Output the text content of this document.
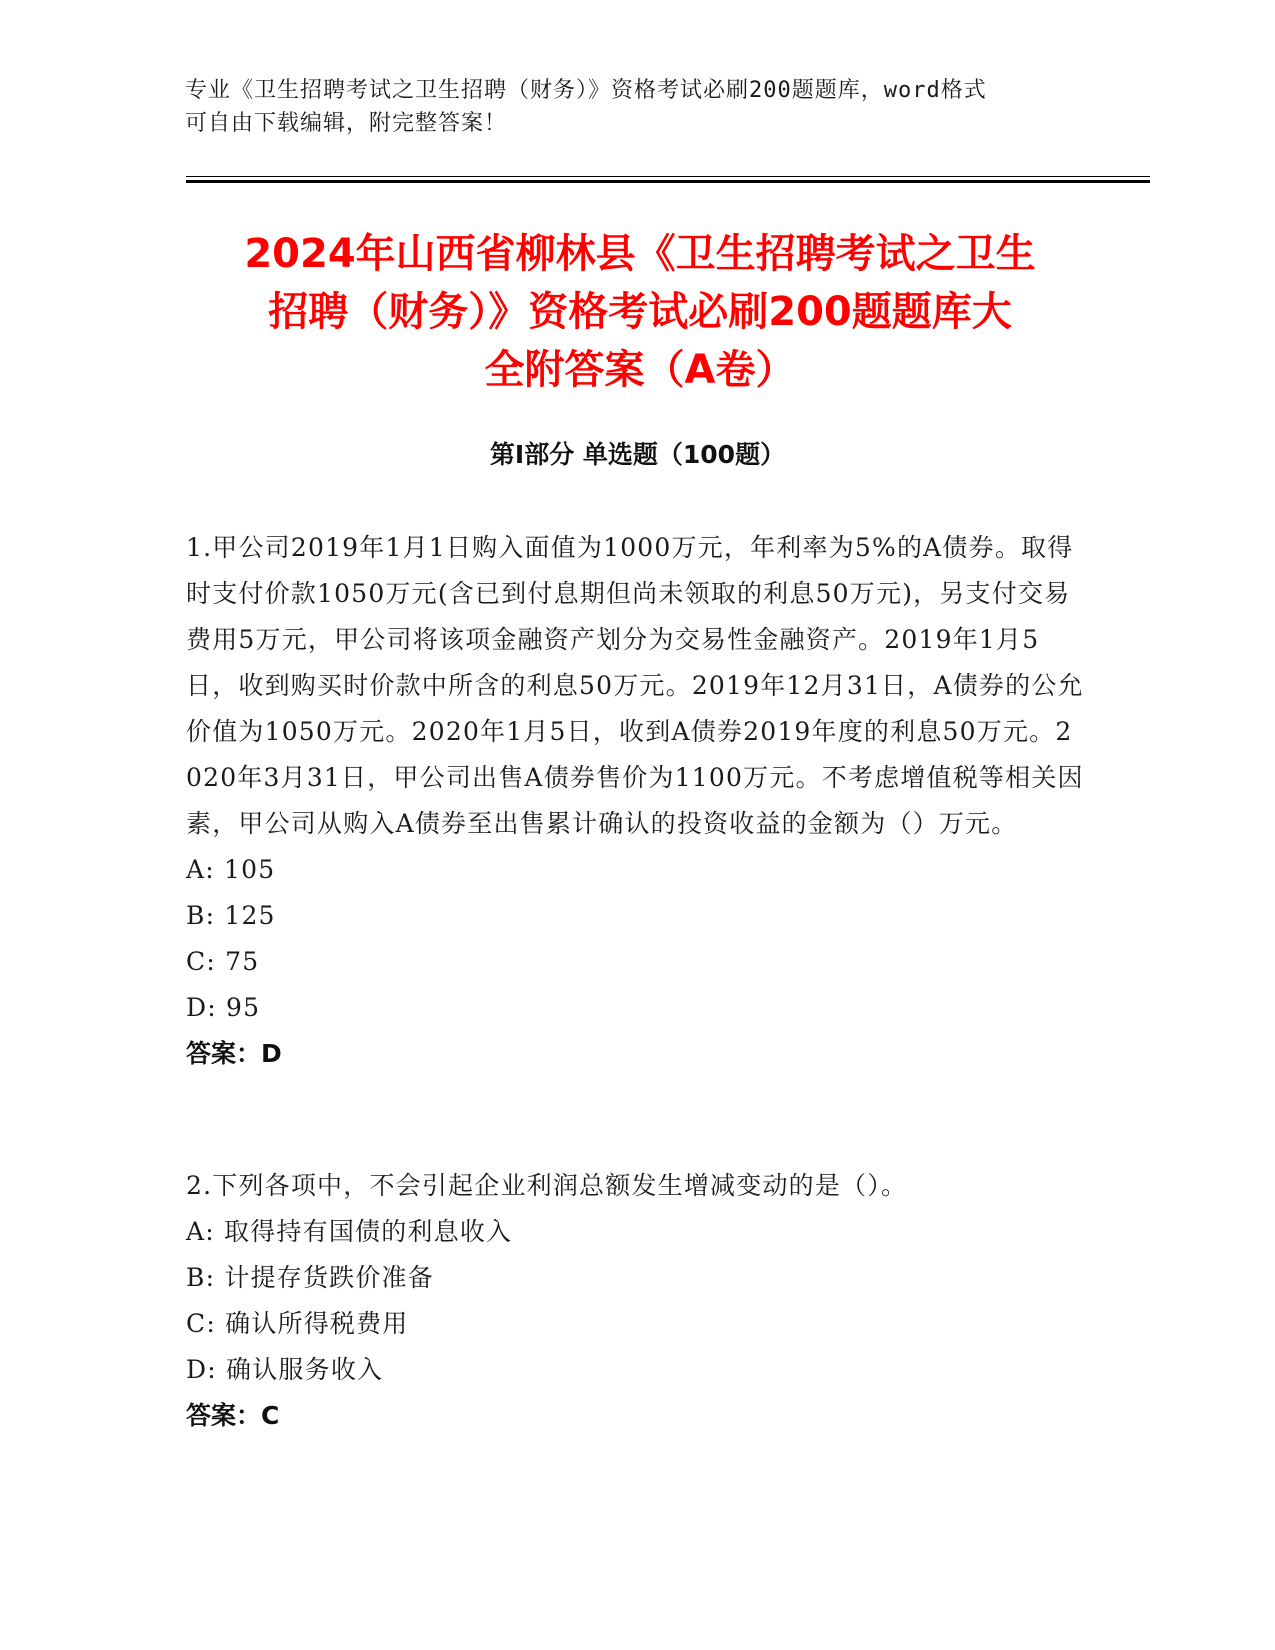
专业《卫生招聘考试之卫生招聘（财务）》资格考试必刷200题题库，word格式
可自由下载编辑，附完整答案！
2024年山西省柳林县《卫生招聘考试之卫生
招聘（财务）》资格考试必刷200题题库大
全附答案（A卷）
第Ⅰ部分 单选题（100题）

1.甲公司2019年1月1日购入面值为1000万元，年利率为5%的A债券。取得时支付价款1050万元(含已到付息期但尚未领取的利息50万元)，另支付交易费用5万元，甲公司将该项金融资产划分为交易性金融资产。2019年1月5日，收到购买时价款中所含的利息50万元。2019年12月31日，A债券的公允价值为1050万元。2020年1月5日，收到A债券2019年度的利息50万元。2020年3月31日，甲公司出售A债券售价为1100万元。不考虑增值税等相关因素，甲公司从购入A债券至出售累计确认的投资收益的金额为（）万元。

A: 105
B: 125
C: 75
D: 95
答案：D

2.下列各项中，不会引起企业利润总额发生增减变动的是（）。

A: 取得持有国债的利息收入
B: 计提存货跌价准备
C: 确认所得税费用
D: 确认服务收入
答案：C
